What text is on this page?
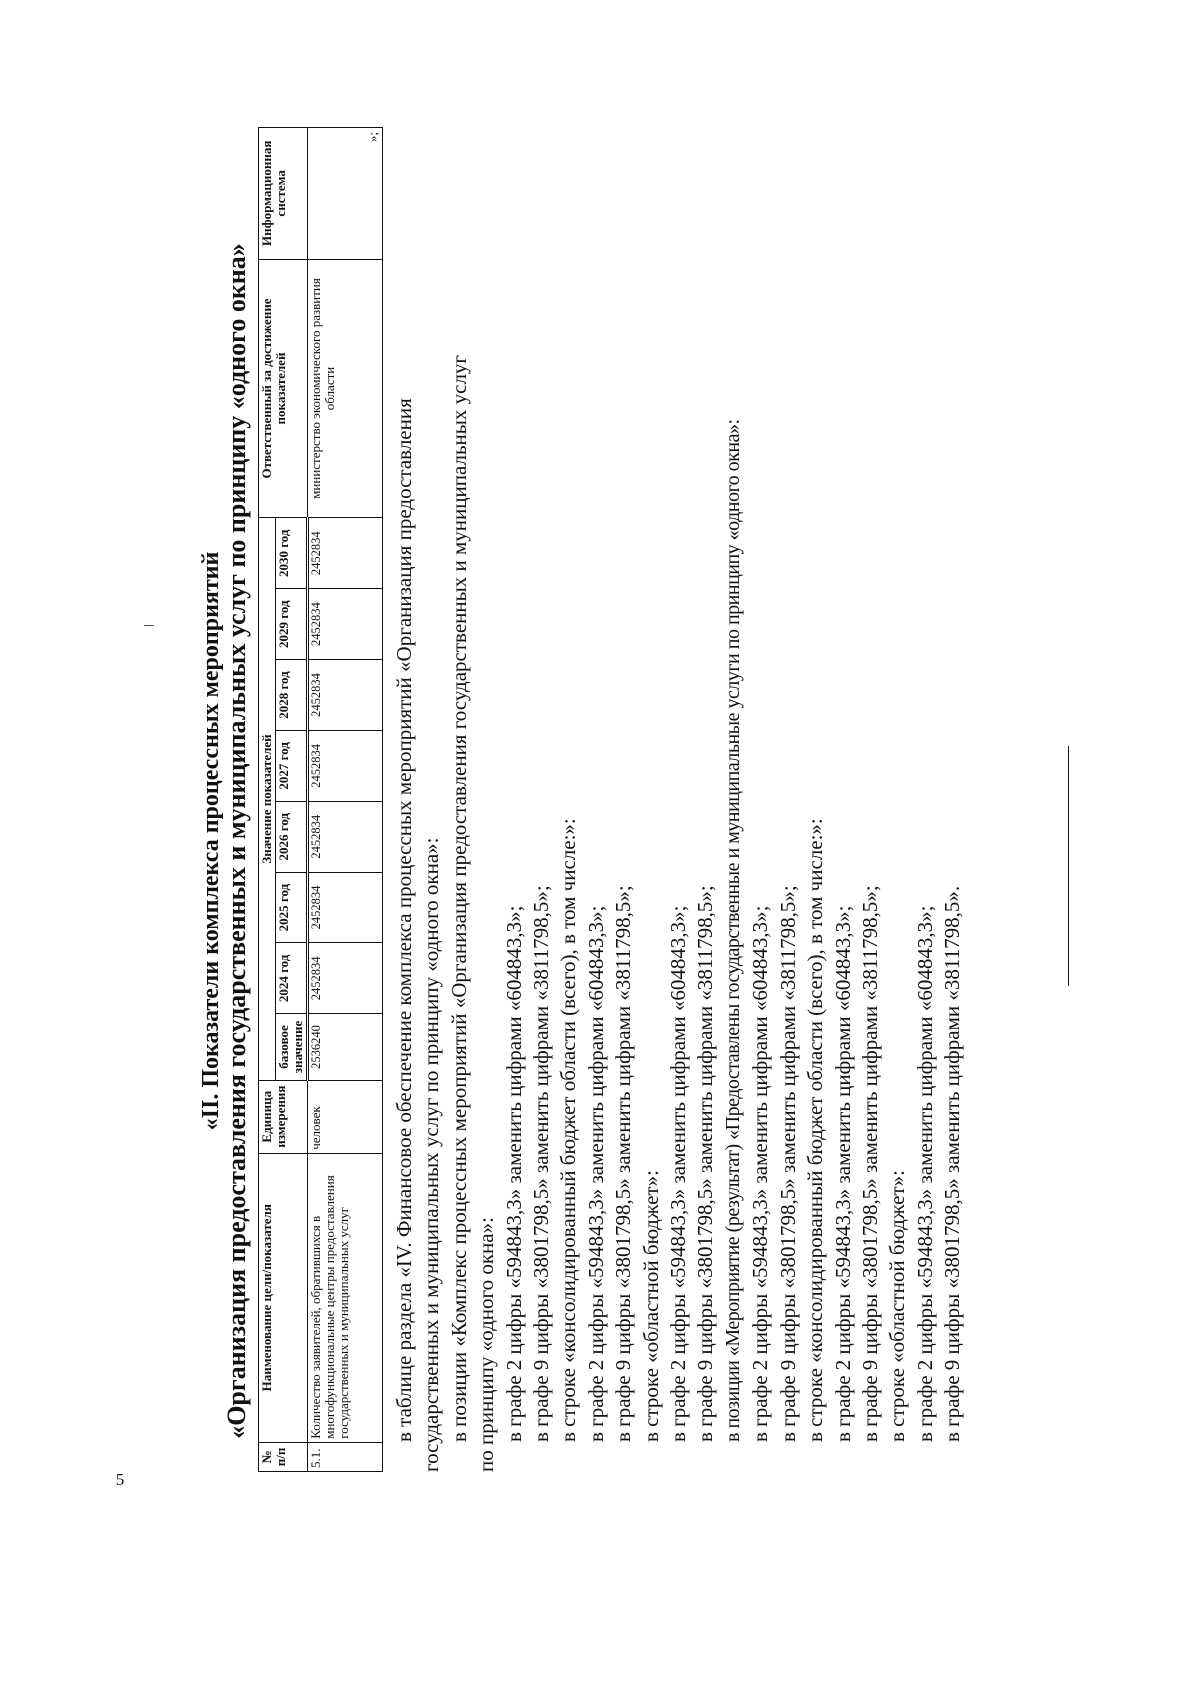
5
«II. Показатели комплекса процессных мероприятий
«Организация предоставления государственных и муниципальных услуг по принципу «одного окна»
№ п/п	Наименование цели/показателя	Единица измерения	Значение показателей								Ответственный за достижение показателей	Информационная система
			базовое значение	2024 год	2025 год	2026 год	2027 год	2028 год	2029 год	2030 год		
5.1.	Количество заявителей, обратившихся в многофункциональные центры предоставления государственных и муниципальных услуг	человек	2536240	2452834	2452834	2452834	2452834	2452834	2452834	2452834	министерство экономического развития области	»;
в таблице раздела «IV. Финансовое обеспечение комплекса процессных мероприятий «Организация предоставления государственных и муниципальных услуг по принципу «одного окна»: в позиции «Комплекс процессных мероприятий «Организация предоставления государственных и муниципальных услуг по принципу «одного окна»: в графе 2 цифры «594843,3» заменить цифрами «604843,3»; в графе 9 цифры «3801798,5» заменить цифрами «3811798,5»; в строке «консолидированный бюджет области (всего), в том числе:»: в графе 2 цифры «594843,3» заменить цифрами «604843,3»; в графе 9 цифры «3801798,5» заменить цифрами «3811798,5»; в строке «областной бюджет»: в графе 2 цифры «594843,3» заменить цифрами «604843,3»; в графе 9 цифры «3801798,5» заменить цифрами «3811798,5»; в позиции «Мероприятие (результат) «Предоставлены государственные и муниципальные услуги по принципу «одного окна»: в графе 2 цифры «594843,3» заменить цифрами «604843,3»; в графе 9 цифры «3801798,5» заменить цифрами «3811798,5»; в строке «консолидированный бюджет области (всего), в том числе:»: в графе 2 цифры «594843,3» заменить цифрами «604843,3»; в графе 9 цифры «3801798,5» заменить цифрами «3811798,5»; в строке «областной бюджет»: в графе 2 цифры «594843,3» заменить цифрами «604843,3»; в графе 9 цифры «3801798,5» заменить цифрами «3811798,5».
